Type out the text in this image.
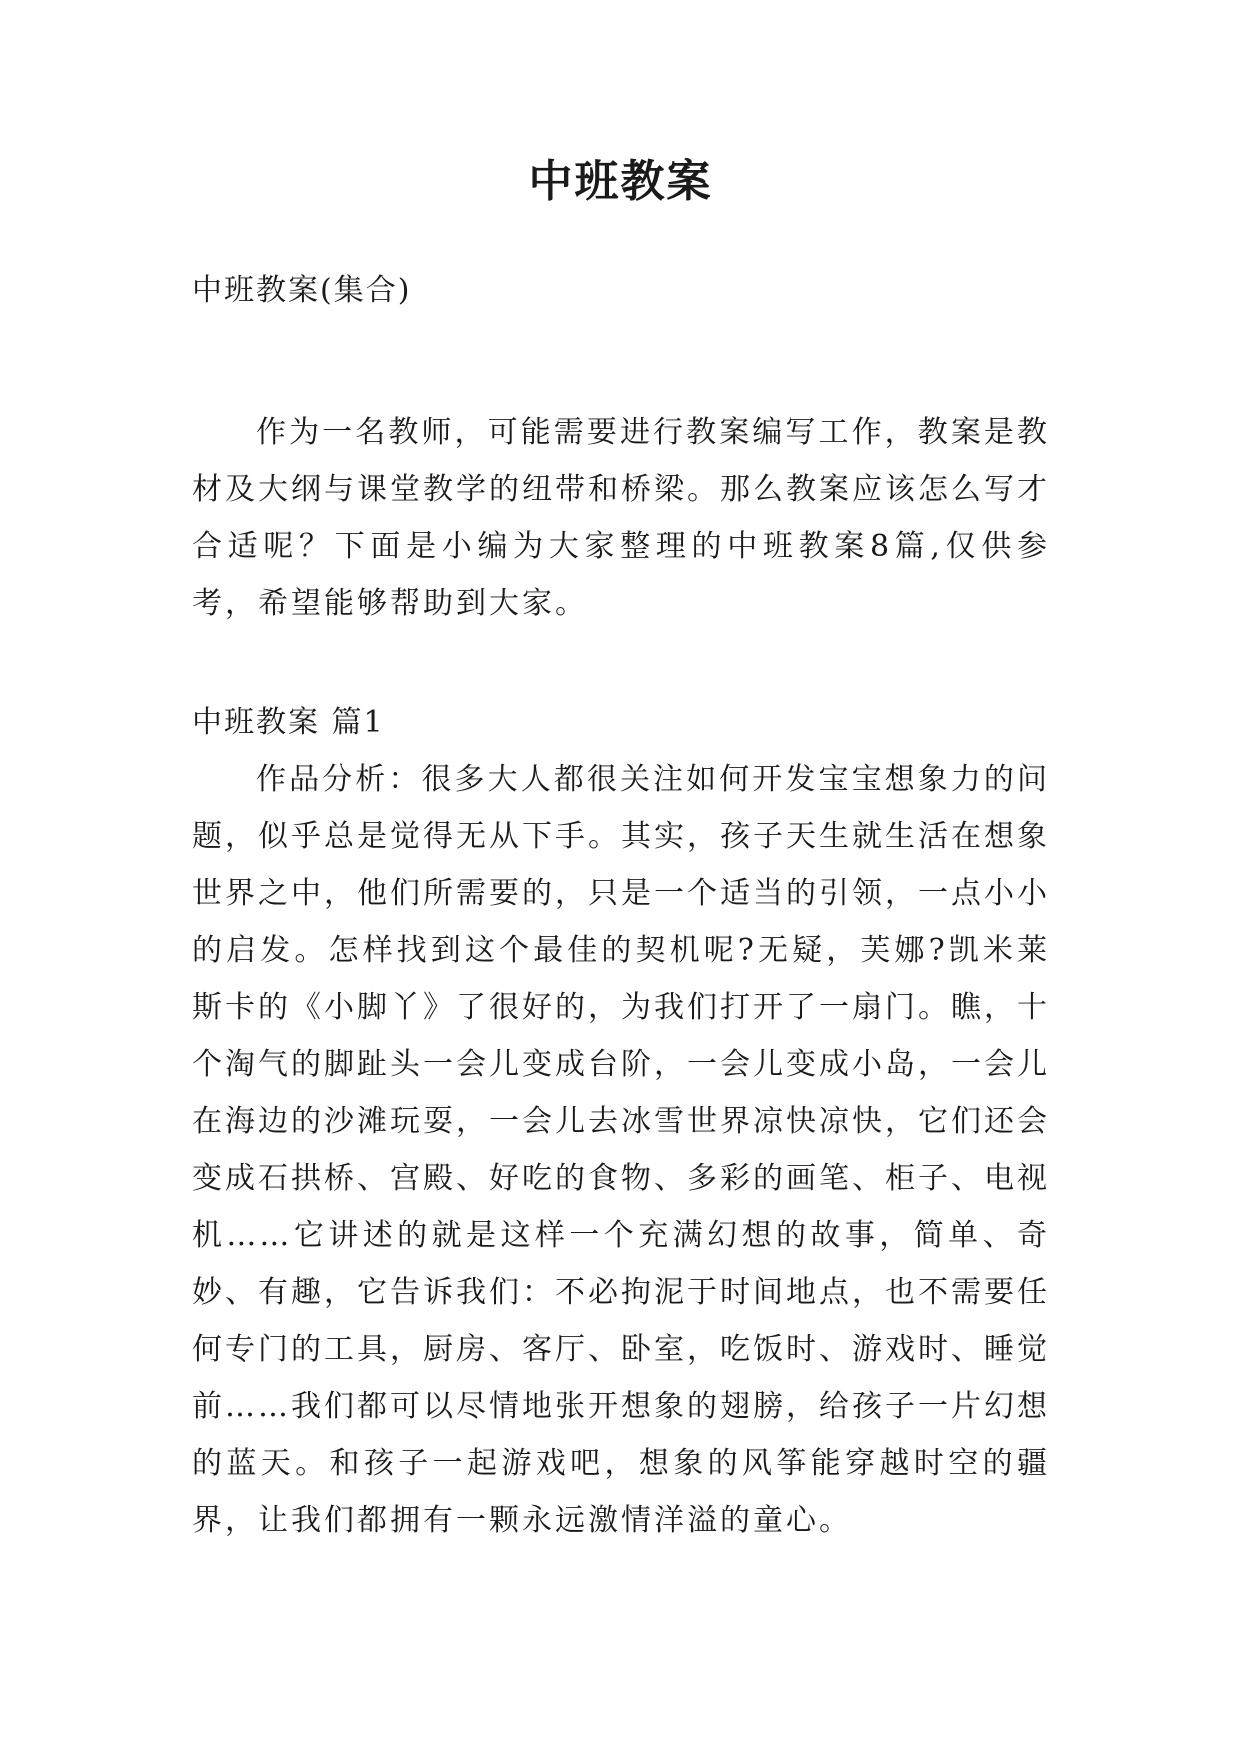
中班教案

中班教案(集合)

作为一名教师，可能需要进行教案编写工作，教案是教材及大纲与课堂教学的纽带和桥梁。那么教案应该怎么写才合适呢？下面是小编为大家整理的中班教案8篇,仅供参考，希望能够帮助到大家。

中班教案 篇1

作品分析：很多大人都很关注如何开发宝宝想象力的问题，似乎总是觉得无从下手。其实，孩子天生就生活在想象世界之中，他们所需要的，只是一个适当的引领，一点小小的启发。怎样找到这个最佳的契机呢?无疑，芙娜?凯米莱斯卡的《小脚丫》了很好的，为我们打开了一扇门。瞧，十个淘气的脚趾头一会儿变成台阶，一会儿变成小岛，一会儿在海边的沙滩玩耍，一会儿去冰雪世界凉快凉快，它们还会变成石拱桥、宫殿、好吃的食物、多彩的画笔、柜子、电视机……它讲述的就是这样一个充满幻想的故事，简单、奇妙、有趣，它告诉我们：不必拘泥于时间地点，也不需要任何专门的工具，厨房、客厅、卧室，吃饭时、游戏时、睡觉前……我们都可以尽情地张开想象的翅膀，给孩子一片幻想的蓝天。和孩子一起游戏吧，想象的风筝能穿越时空的疆界，让我们都拥有一颗永远激情洋溢的童心。
